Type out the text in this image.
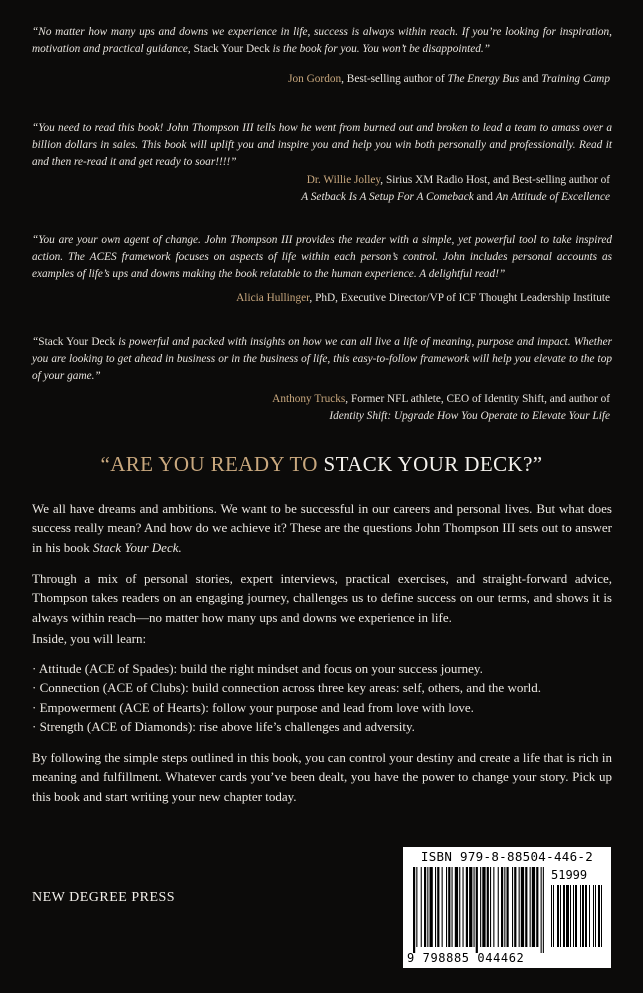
“No matter how many ups and downs we experience in life, success is always within reach. If you’re looking for inspiration, motivation and practical guidance, Stack Your Deck is the book for you. You won’t be disappointed.”
Jon Gordon, Best-selling author of The Energy Bus and Training Camp
“You need to read this book! John Thompson III tells how he went from burned out and broken to lead a team to amass over a billion dollars in sales. This book will uplift you and inspire you and help you win both personally and professionally. Read it and then re-read it and get ready to soar!!!!”
Dr. Willie Jolley, Sirius XM Radio Host, and Best-selling author of
A Setback Is A Setup For A Comeback and An Attitude of Excellence
“You are your own agent of change. John Thompson III provides the reader with a simple, yet powerful tool to take inspired action. The ACES framework focuses on aspects of life within each person’s control. John includes personal accounts as examples of life’s ups and downs making the book relatable to the human experience. A delightful read!”
Alicia Hullinger, PhD, Executive Director/VP of ICF Thought Leadership Institute
“Stack Your Deck is powerful and packed with insights on how we can all live a life of meaning, purpose and impact. Whether you are looking to get ahead in business or in the business of life, this easy-to-follow framework will help you elevate to the top of your game.”
Anthony Trucks, Former NFL athlete, CEO of Identity Shift, and author of
Identity Shift: Upgrade How You Operate to Elevate Your Life
“ARE YOU READY TO STACK YOUR DECK?”
We all have dreams and ambitions. We want to be successful in our careers and personal lives. But what does success really mean? And how do we achieve it? These are the questions John Thompson III sets out to answer in his book Stack Your Deck.
Through a mix of personal stories, expert interviews, practical exercises, and straight-forward advice, Thompson takes readers on an engaging journey, challenges us to define success on our terms, and shows it is always within reach—no matter how many ups and downs we experience in life.
Inside, you will learn:
· Attitude (ACE of Spades): build the right mindset and focus on your success journey.
· Connection (ACE of Clubs): build connection across three key areas: self, others, and the world.
· Empowerment (ACE of Hearts): follow your purpose and lead from love with love.
· Strength (ACE of Diamonds): rise above life’s challenges and adversity.
By following the simple steps outlined in this book, you can control your destiny and create a life that is rich in meaning and fulfillment. Whatever cards you’ve been dealt, you have the power to change your story. Pick up this book and start writing your new chapter today.
NEW DEGREE PRESS
ISBN 979-8-88504-446-2
51999
9 798885 044462
